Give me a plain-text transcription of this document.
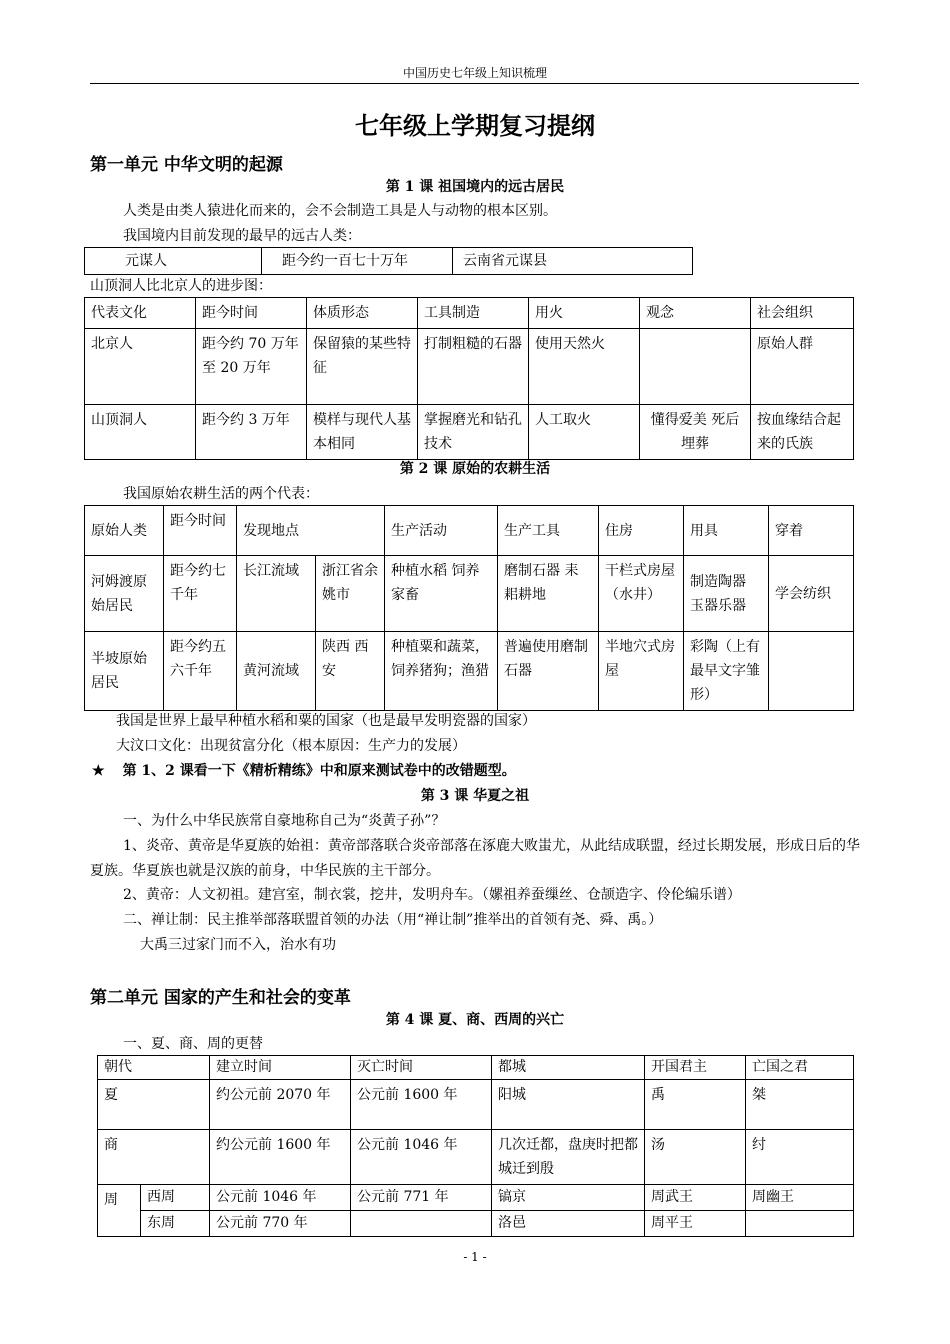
中国历史七年级上知识梳理
七年级上学期复习提纲
第一单元 中华文明的起源
第 1 课 祖国境内的远古居民
人类是由类人猿进化而来的，会不会制造工具是人与动物的根本区别。
我国境内目前发现的最早的远古人类：
元谋人	距今约一百七十万年	云南省元谋县
山顶洞人比北京人的进步图：
代表文化	距今时间	体质形态	工具制造	用火	观念	社会组织
北京人	距今约 70 万年至 20 万年	保留猿的某些特征	打制粗糙的石器	使用天然火		原始人群
山顶洞人	距今约 3 万年	模样与现代人基本相同	掌握磨光和钻孔技术	人工取火	懂得爱美 死后埋葬	按血缘结合起来的氏族
第 2 课 原始的农耕生活
我国原始农耕生活的两个代表：
原始人类	距今时间	发现地点		生产活动	生产工具	住房	用具	穿着
河姆渡原始居民	距今约七千年	长江流域	浙江省余姚市	种植水稻 饲养家畜	磨制石器 耒耜耕地	干栏式房屋（水井）	制造陶器 玉器乐器	学会纺织
半坡原始居民	距今约五六千年	黄河流域	陕西 西安	种植粟和蔬菜，饲养猪狗；渔猎	普遍使用磨制石器	半地穴式房屋	彩陶（上有最早文字雏形）	
我国是世界上最早种植水稻和粟的国家（也是最早发明瓷器的国家）
大汶口文化：出现贫富分化（根本原因：生产力的发展）
★ 第 1、2 课看一下《精析精练》中和原来测试卷中的改错题型。
第 3 课 华夏之祖
一、为什么中华民族常自豪地称自己为“炎黄子孙”？
1、炎帝、黄帝是华夏族的始祖：黄帝部落联合炎帝部落在涿鹿大败蚩尤，从此结成联盟，经过长期发展，形成日后的华夏族。华夏族也就是汉族的前身，中华民族的主干部分。
2、黄帝：人文初祖。建宫室，制衣裳，挖井，发明舟车。（嫘祖养蚕缫丝、仓颉造字、伶伦编乐谱）
二、禅让制：民主推举部落联盟首领的办法（用“禅让制”推举出的首领有尧、舜、禹。）
大禹三过家门而不入，治水有功
第二单元 国家的产生和社会的变革
第 4 课 夏、商、西周的兴亡
一、夏、商、周的更替
朝代		建立时间	灭亡时间	都城	开国君主	亡国之君
夏		约公元前 2070 年	公元前 1600 年	阳城	禹	桀
商		约公元前 1600 年	公元前 1046 年	几次迁都，盘庚时把都城迁到殷	汤	纣
周	西周	公元前 1046 年	公元前 771 年	镐京	周武王	周幽王
	东周	公元前 770 年		洛邑	周平王	
- 1 -
